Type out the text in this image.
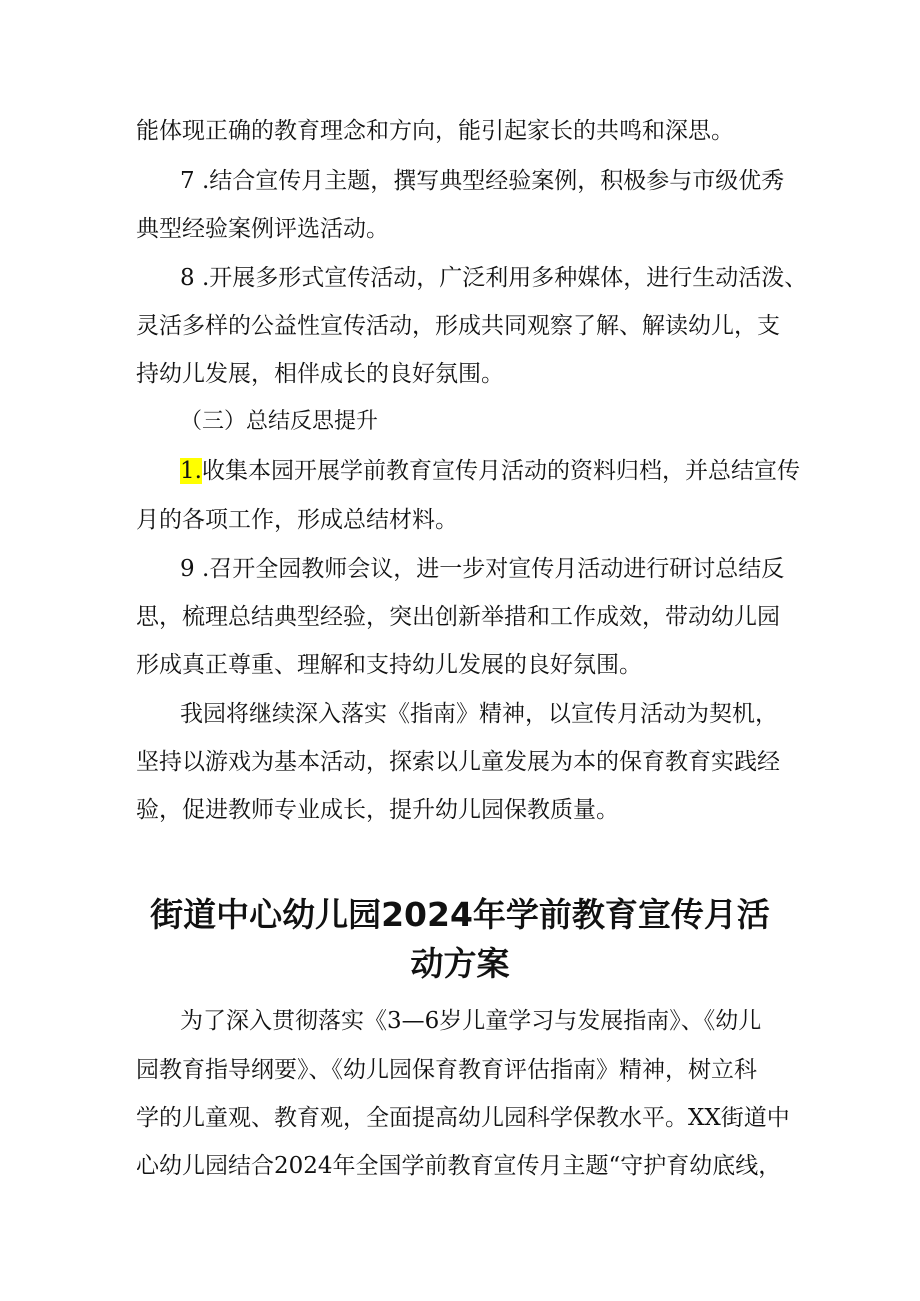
能体现正确的教育理念和方向，能引起家长的共鸣和深思。
7 .结合宣传月主题，撰写典型经验案例，积极参与市级优秀
典型经验案例评选活动。
8 .开展多形式宣传活动，广泛利用多种媒体，进行生动活泼、
灵活多样的公益性宣传活动，形成共同观察了解、解读幼儿，支
持幼儿发展，相伴成长的良好氛围。
（三）总结反思提升
1.收集本园开展学前教育宣传月活动的资料归档，并总结宣传
月的各项工作，形成总结材料。
9 .召开全园教师会议，进一步对宣传月活动进行研讨总结反
思，梳理总结典型经验，突出创新举措和工作成效，带动幼儿园
形成真正尊重、理解和支持幼儿发展的良好氛围。
我园将继续深入落实《指南》精神，以宣传月活动为契机，
坚持以游戏为基本活动，探索以儿童发展为本的保育教育实践经
验，促进教师专业成长，提升幼儿园保教质量。
街道中心幼儿园2024年学前教育宣传月活
动方案
为了深入贯彻落实《3—6岁儿童学习与发展指南》、《幼儿
园教育指导纲要》、《幼儿园保育教育评估指南》精神，树立科
学的儿童观、教育观，全面提高幼儿园科学保教水平。XX街道中
心幼儿园结合2024年全国学前教育宣传月主题“守护育幼底线，
